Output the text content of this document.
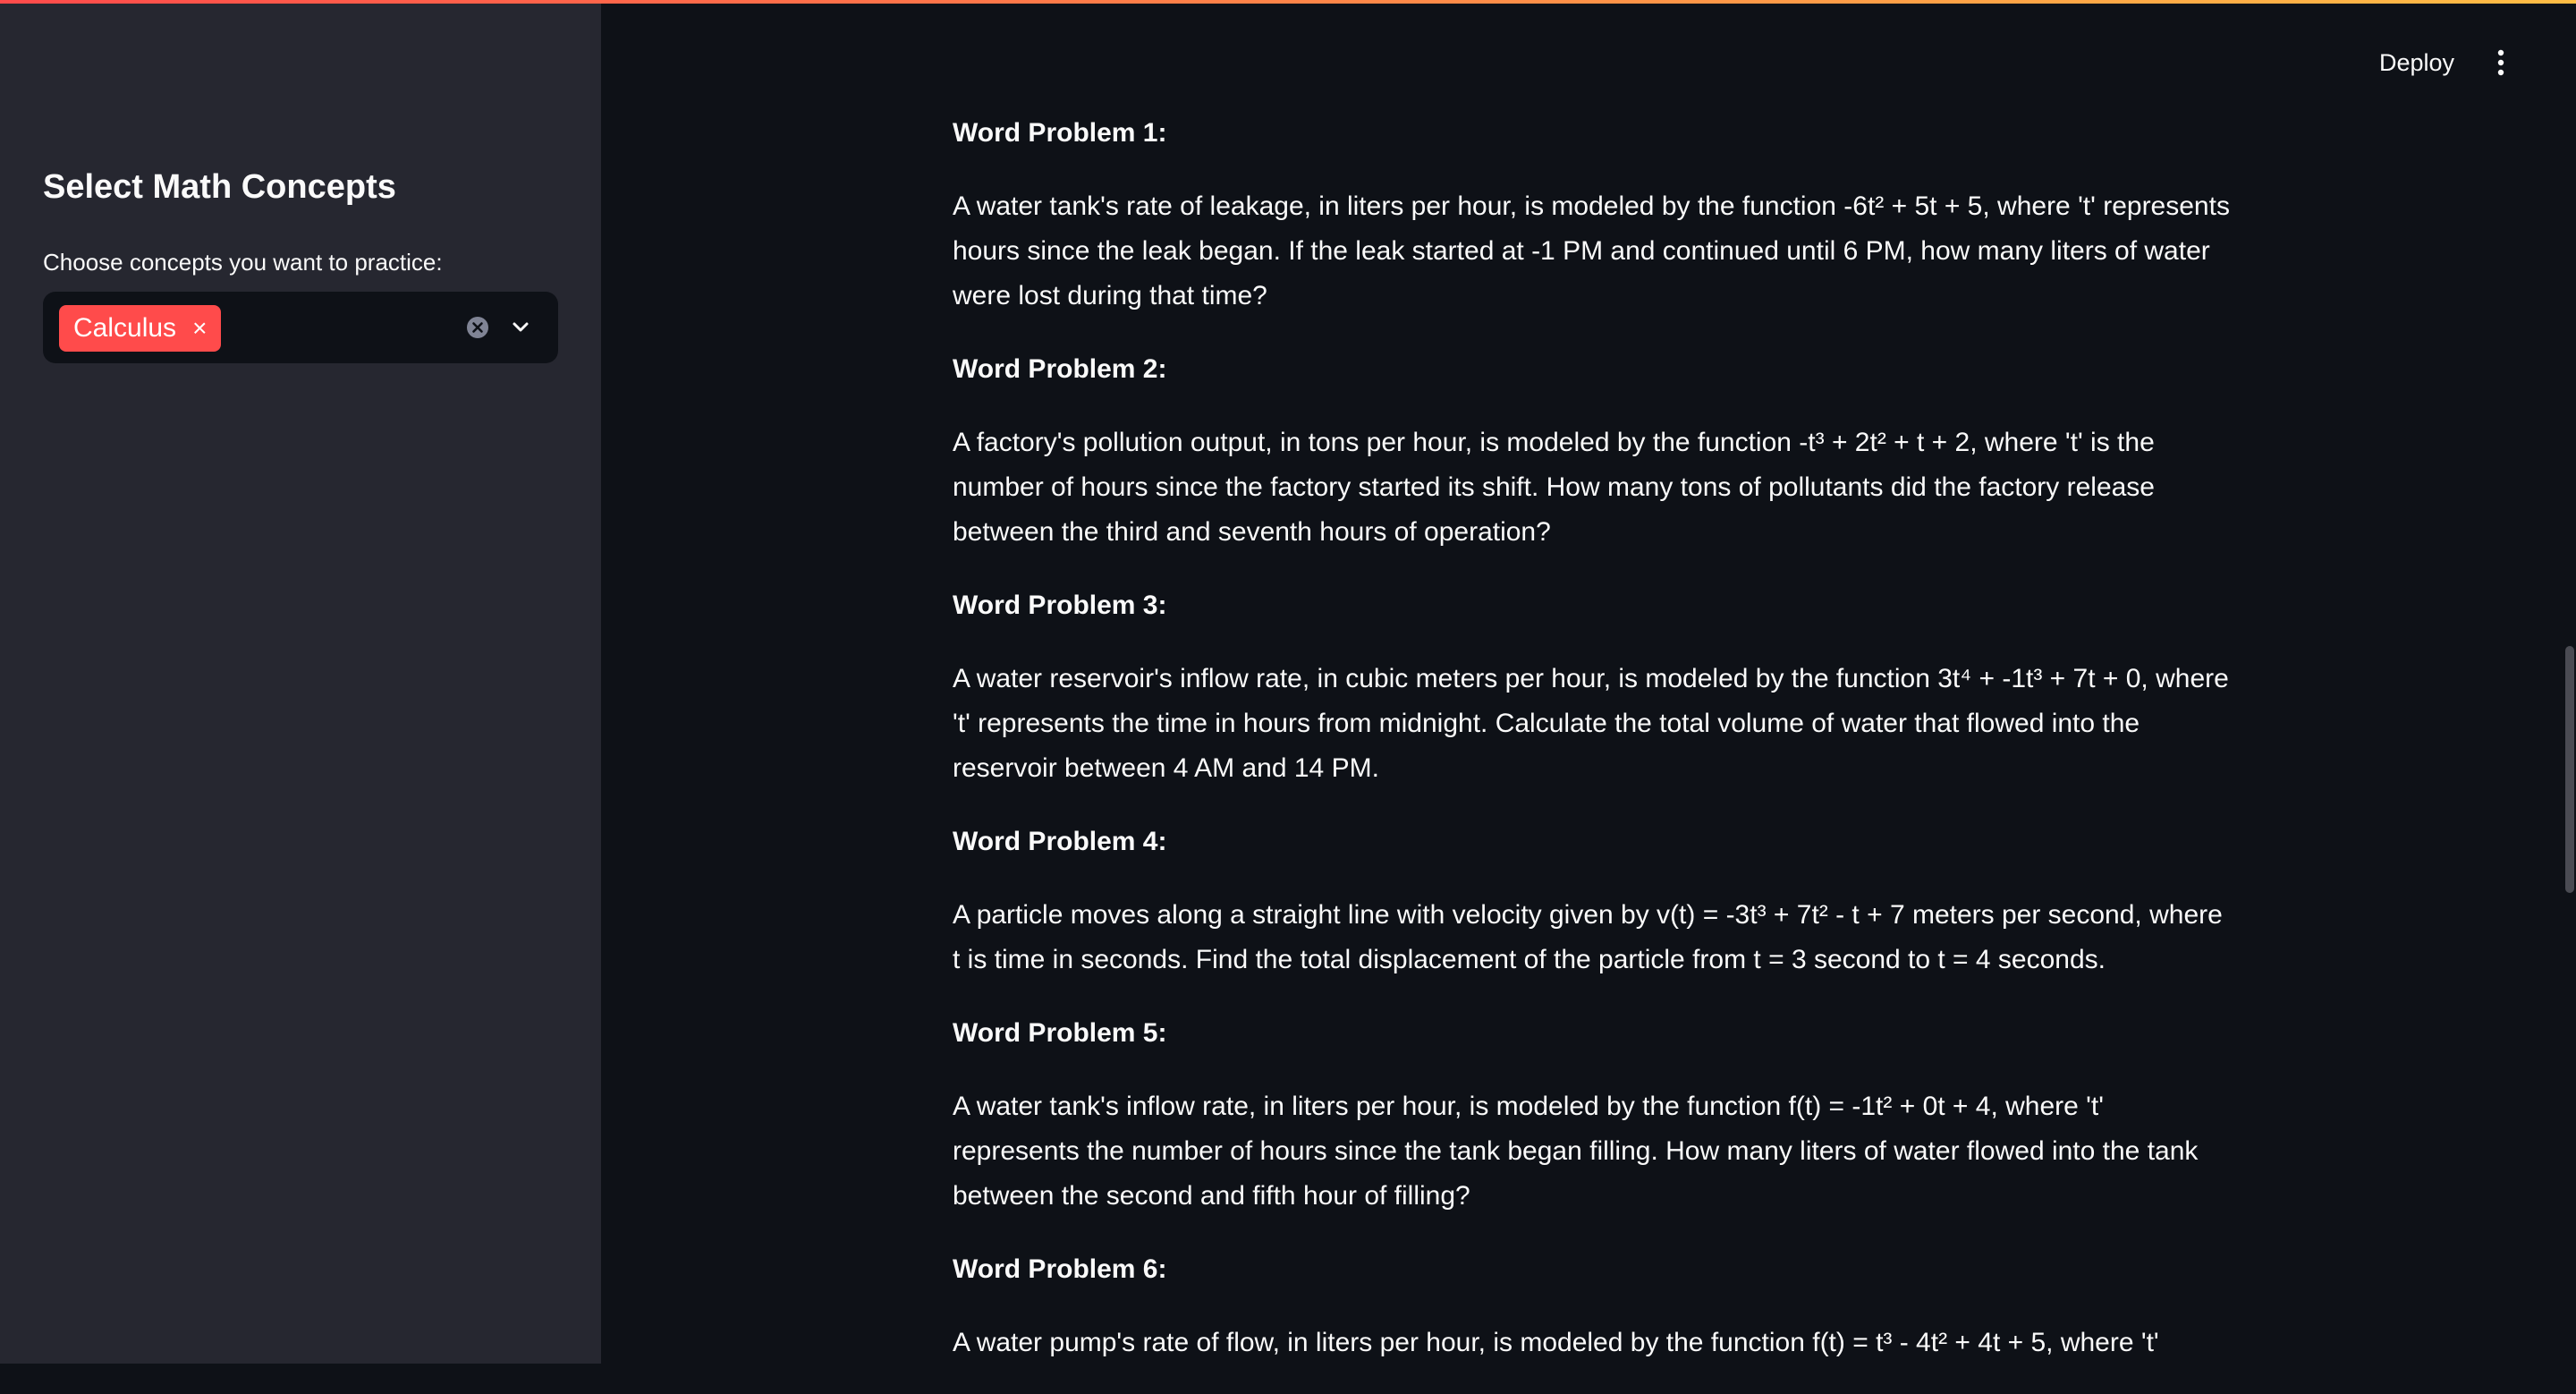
Select Math Concepts
Choose concepts you want to practice:
Calculus ×
Deploy

Word Problem 1:

A water tank's rate of leakage, in liters per hour, is modeled by the function -6t² + 5t + 5, where 't' represents hours since the leak began. If the leak started at -1 PM and continued until 6 PM, how many liters of water were lost during that time?

Word Problem 2:

A factory's pollution output, in tons per hour, is modeled by the function -t³ + 2t² + t + 2, where 't' is the number of hours since the factory started its shift. How many tons of pollutants did the factory release between the third and seventh hours of operation?

Word Problem 3:

A water reservoir's inflow rate, in cubic meters per hour, is modeled by the function 3t⁴ + -1t³ + 7t + 0, where 't' represents the time in hours from midnight. Calculate the total volume of water that flowed into the reservoir between 4 AM and 14 PM.

Word Problem 4:

A particle moves along a straight line with velocity given by v(t) = -3t³ + 7t² - t + 7 meters per second, where t is time in seconds. Find the total displacement of the particle from t = 3 second to t = 4 seconds.

Word Problem 5:

A water tank's inflow rate, in liters per hour, is modeled by the function f(t) = -1t² + 0t + 4, where 't' represents the number of hours since the tank began filling. How many liters of water flowed into the tank between the second and fifth hour of filling?

Word Problem 6:

A water pump's rate of flow, in liters per hour, is modeled by the function f(t) = t³ - 4t² + 4t + 5, where 't'
